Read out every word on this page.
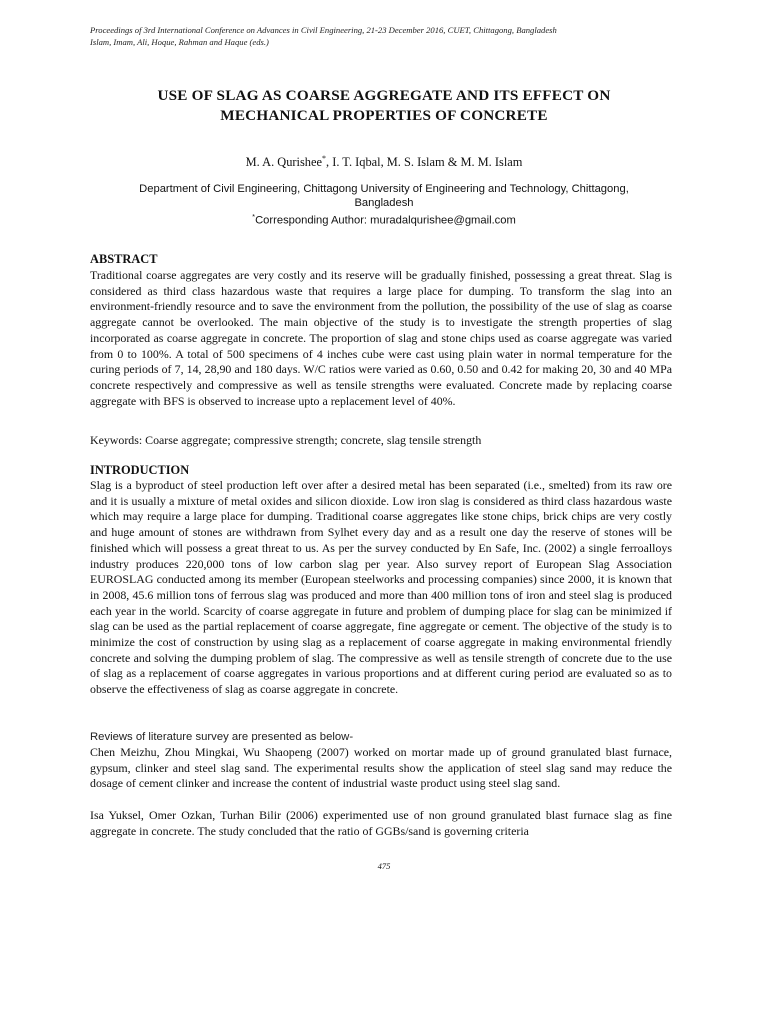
Proceedings of 3rd International Conference on Advances in Civil Engineering, 21-23 December 2016, CUET, Chittagong, Bangladesh
Islam, Imam, Ali, Hoque, Rahman and Haque (eds.)
USE OF SLAG AS COARSE AGGREGATE AND ITS EFFECT ON
MECHANICAL PROPERTIES OF CONCRETE
M. A. Qurishee*, I. T. Iqbal, M. S. Islam & M. M. Islam
Department of Civil Engineering, Chittagong University of Engineering and Technology, Chittagong,
Bangladesh
*Corresponding Author: muradalqurishee@gmail.com
ABSTRACT
Traditional coarse aggregates are very costly and its reserve will be gradually finished, possessing a great threat. Slag is considered as third class hazardous waste that requires a large place for dumping. To transform the slag into an environment-friendly resource and to save the environment from the pollution, the possibility of the use of slag as coarse aggregate cannot be overlooked. The main objective of the study is to investigate the strength properties of slag incorporated as coarse aggregate in concrete. The proportion of slag and stone chips used as coarse aggregate was varied from 0 to 100%. A total of 500 specimens of 4 inches cube were cast using plain water in normal temperature for the curing periods of 7, 14, 28,90 and 180 days. W/C ratios were varied as 0.60, 0.50 and 0.42 for making 20, 30 and 40 MPa concrete respectively and compressive as well as tensile strengths were evaluated. Concrete made by replacing coarse aggregate with BFS is observed to increase upto a replacement level of 40%.
Keywords: Coarse aggregate; compressive strength; concrete, slag tensile strength
INTRODUCTION
Slag is a byproduct of steel production left over after a desired metal has been separated (i.e., smelted) from its raw ore and it is usually a mixture of metal oxides and silicon dioxide. Low iron slag is considered as third class hazardous waste which may require a large place for dumping. Traditional coarse aggregates like stone chips, brick chips are very costly and huge amount of stones are withdrawn from Sylhet every day and as a result one day the reserve of stones will be finished which will possess a great threat to us. As per the survey conducted by En Safe, Inc. (2002) a single ferroalloys industry produces 220,000 tons of low carbon slag per year. Also survey report of European Slag Association EUROSLAG conducted among its member (European steelworks and processing companies) since 2000, it is known that in 2008, 45.6 million tons of ferrous slag was produced and more than 400 million tons of iron and steel slag is produced each year in the world. Scarcity of coarse aggregate in future and problem of dumping place for slag can be minimized if slag can be used as the partial replacement of coarse aggregate, fine aggregate or cement. The objective of the study is to minimize the cost of construction by using slag as a replacement of coarse aggregate in making environmental friendly concrete and solving the dumping problem of slag. The compressive as well as tensile strength of concrete due to the use of slag as a replacement of coarse aggregates in various proportions and at different curing period are evaluated so as to observe the effectiveness of slag as coarse aggregate in concrete.
Reviews of literature survey are presented as below-
Chen Meizhu, Zhou Mingkai, Wu Shaopeng (2007) worked on mortar made up of ground granulated blast furnace, gypsum, clinker and steel slag sand. The experimental results show the application of steel slag sand may reduce the dosage of cement clinker and increase the content of industrial waste product using steel slag sand.
Isa Yuksel, Omer Ozkan, Turhan Bilir (2006) experimented use of non ground granulated blast furnace slag as fine aggregate in concrete. The study concluded that the ratio of GGBs/sand is governing criteria
475
